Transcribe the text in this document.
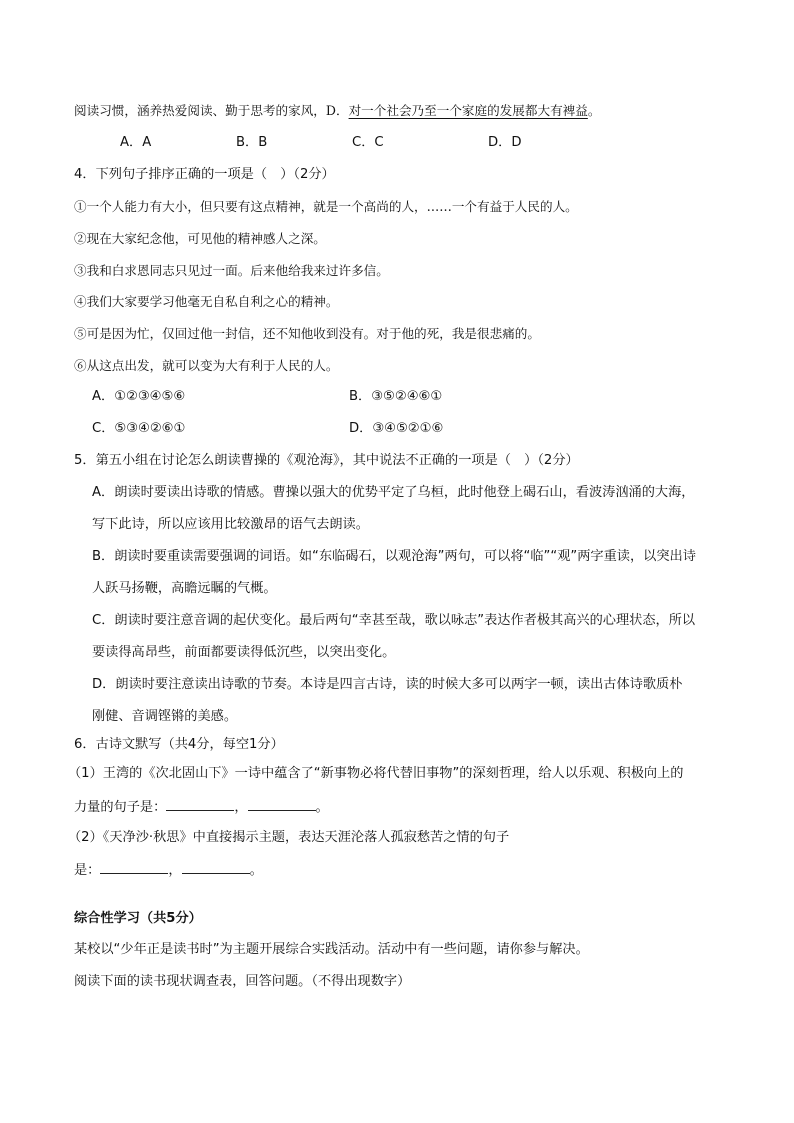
阅读习惯，涵养热爱阅读、勤于思考的家风，D．对一个社会乃至一个家庭的发展都大有裨益。
A．A	B．B	C．C	D．D
4．下列句子排序正确的一项是（　）（2分）
①一个人能力有大小，但只要有这点精神，就是一个高尚的人，……一个有益于人民的人。
②现在大家纪念他，可见他的精神感人之深。
③我和白求恩同志只见过一面。后来他给我来过许多信。
④我们大家要学习他毫无自私自利之心的精神。
⑤可是因为忙，仅回过他一封信，还不知他收到没有。对于他的死，我是很悲痛的。
⑥从这点出发，就可以变为大有利于人民的人。
A．①②③④⑤⑥	B．③⑤②④⑥①
C．⑤③④②⑥①	D．③④⑤②①⑥
5．第五小组在讨论怎么朗读曹操的《观沧海》，其中说法不正确的一项是（　）（2分）
A．朗读时要读出诗歌的情感。曹操以强大的优势平定了乌桓，此时他登上碣石山，看波涛汹涌的大海，
写下此诗，所以应该用比较激昂的语气去朗读。
B．朗读时要重读需要强调的词语。如“东临碣石，以观沧海”两句，可以将“临”“观”两字重读，以突出诗
人跃马扬鞭，高瞻远瞩的气概。
C．朗读时要注意音调的起伏变化。最后两句“幸甚至哉，歌以咏志”表达作者极其高兴的心理状态，所以
要读得高昂些，前面都要读得低沉些，以突出变化。
D．朗读时要注意读出诗歌的节奏。本诗是四言古诗，读的时候大多可以两字一顿，读出古体诗歌质朴
刚健、音调铿锵的美感。
6．古诗文默写（共4分，每空1分）
（1）王湾的《次北固山下》一诗中蕴含了“新事物必将代替旧事物”的深刻哲理，给人以乐观、积极向上的
力量的句子是：	，	。
（2）《天净沙·秋思》中直接揭示主题，表达天涯沦落人孤寂愁苦之情的句子
是：	，	。
综合性学习（共5分）
某校以“少年正是读书时”为主题开展综合实践活动。活动中有一些问题，请你参与解决。
阅读下面的读书现状调查表，回答问题。（不得出现数字）
